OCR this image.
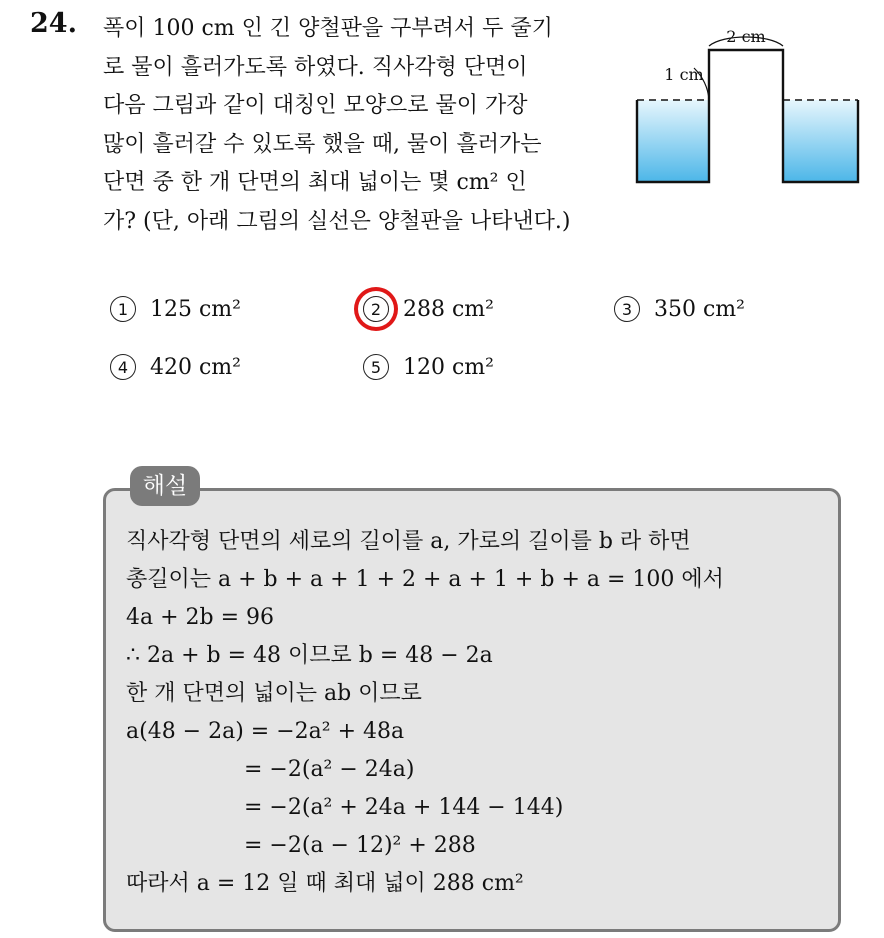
24. 폭이 100 cm 인 긴 양철판을 구부려서 두 줄기
로 물이 흘러가도록 하였다. 직사각형 단면이
다음 그림과 같이 대칭인 모양으로 물이 가장
많이 흘러갈 수 있도록 했을 때, 물이 흘러가는
단면 중 한 개 단면의 최대 넓이는 몇 cm² 인
가? (단, 아래 그림의 실선은 양철판을 나타낸다.)
2 cm
1 cm
1 125 cm²	2 288 cm²	3 350 cm²
4 420 cm²	5 120 cm²
해설
직사각형 단면의 세로의 길이를 a, 가로의 길이를 b 라 하면
총길이는 a + b + a + 1 + 2 + a + 1 + b + a = 100 에서
4a + 2b = 96
∴ 2a + b = 48 이므로 b = 48 − 2a
한 개 단면의 넓이는 ab 이므로
a(48 − 2a) = −2a² + 48a
= −2(a² − 24a)
= −2(a² + 24a + 144 − 144)
= −2(a − 12)² + 288
따라서 a = 12 일 때 최대 넓이 288 cm²
